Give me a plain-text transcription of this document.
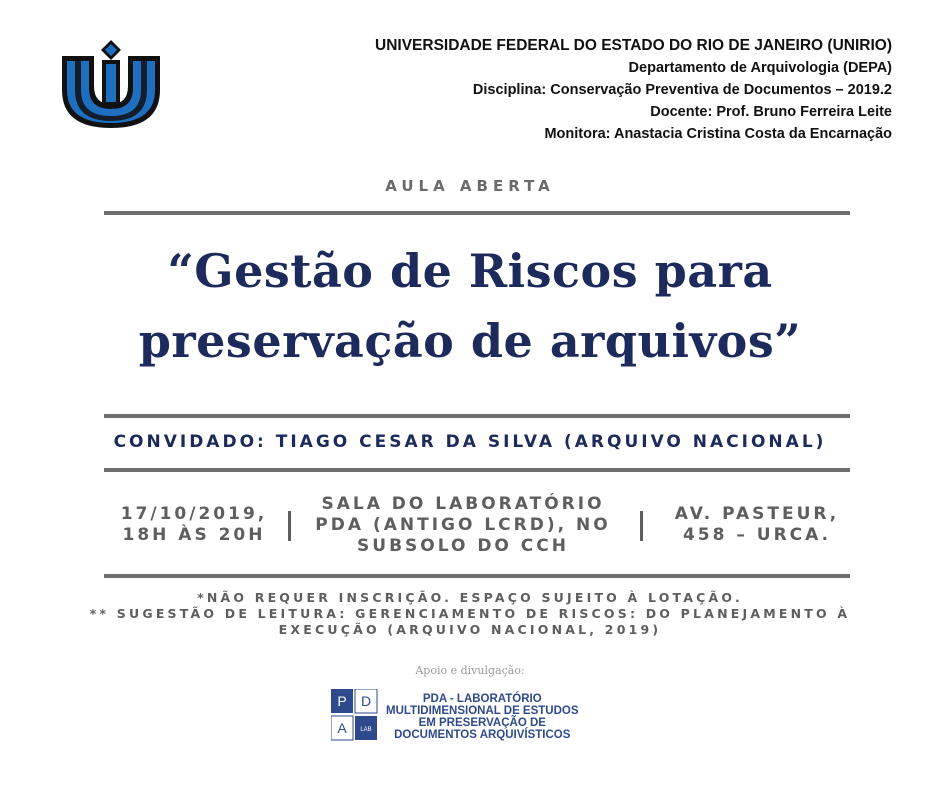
UNIVERSIDADE FEDERAL DO ESTADO DO RIO DE JANEIRO (UNIRIO)
Departamento de Arquivologia (DEPA)
Disciplina: Conservação Preventiva de Documentos – 2019.2
Docente: Prof. Bruno Ferreira Leite
Monitora: Anastacia Cristina Costa da Encarnação
AULA ABERTA
“Gestão de Riscos para
preservação de arquivos”
CONVIDADO: TIAGO CESAR DA SILVA (ARQUIVO NACIONAL)
17/10/2019,
18H ÀS 20H
SALA DO LABORATÓRIO
PDA (ANTIGO LCRD), NO
SUBSOLO DO CCH
AV. PASTEUR,
458 – URCA.
*NÃO REQUER INSCRIÇÃO. ESPAÇO SUJEITO À LOTAÇÃO.
** SUGESTÃO DE LEITURA: GERENCIAMENTO DE RISCOS: DO PLANEJAMENTO À
EXECUÇÃO (ARQUIVO NACIONAL, 2019)
Apoio e divulgação:
P D
A LAB
PDA - LABORATÓRIO
MULTIDIMENSIONAL DE ESTUDOS
EM PRESERVAÇÃO DE
DOCUMENTOS ARQUIVÍSTICOS
